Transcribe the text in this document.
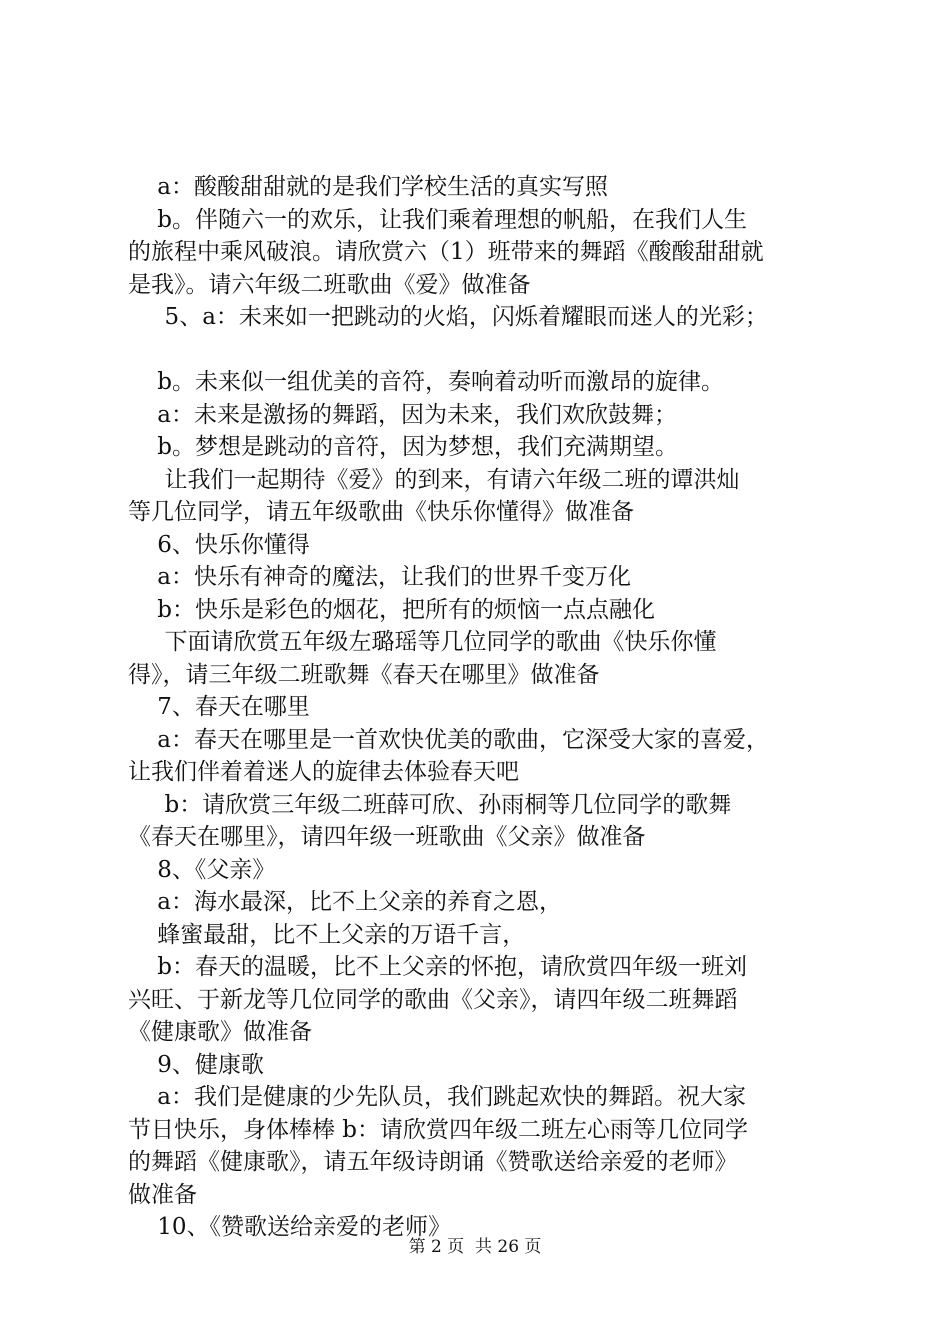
a：酸酸甜甜就的是我们学校生活的真实写照
b。伴随六一的欢乐，让我们乘着理想的帆船，在我们人生
的旅程中乘风破浪。请欣赏六（1）班带来的舞蹈《酸酸甜甜就
是我》。请六年级二班歌曲《爱》做准备
5、a：未来如一把跳动的火焰，闪烁着耀眼而迷人的光彩；
b。未来似一组优美的音符，奏响着动听而激昂的旋律。
a：未来是激扬的舞蹈，因为未来，我们欢欣鼓舞；
b。梦想是跳动的音符，因为梦想，我们充满期望。
让我们一起期待《爱》的到来，有请六年级二班的谭洪灿
等几位同学，请五年级歌曲《快乐你懂得》做准备
6、快乐你懂得
a：快乐有神奇的魔法，让我们的世界千变万化
b：快乐是彩色的烟花，把所有的烦恼一点点融化
下面请欣赏五年级左璐瑶等几位同学的歌曲《快乐你懂
得》，请三年级二班歌舞《春天在哪里》做准备
7、春天在哪里
a：春天在哪里是一首欢快优美的歌曲，它深受大家的喜爱，
让我们伴着着迷人的旋律去体验春天吧
b：请欣赏三年级二班薛可欣、孙雨桐等几位同学的歌舞
《春天在哪里》，请四年级一班歌曲《父亲》做准备
8、《父亲》
a：海水最深，比不上父亲的养育之恩，
蜂蜜最甜，比不上父亲的万语千言，
b：春天的温暖，比不上父亲的怀抱，请欣赏四年级一班刘
兴旺、于新龙等几位同学的歌曲《父亲》，请四年级二班舞蹈
《健康歌》做准备
9、健康歌
a：我们是健康的少先队员，我们跳起欢快的舞蹈。祝大家
节日快乐，身体棒棒 b：请欣赏四年级二班左心雨等几位同学
的舞蹈《健康歌》，请五年级诗朗诵《赞歌送给亲爱的老师》
做准备
10、《赞歌送给亲爱的老师》
第 2 页  共 26 页
